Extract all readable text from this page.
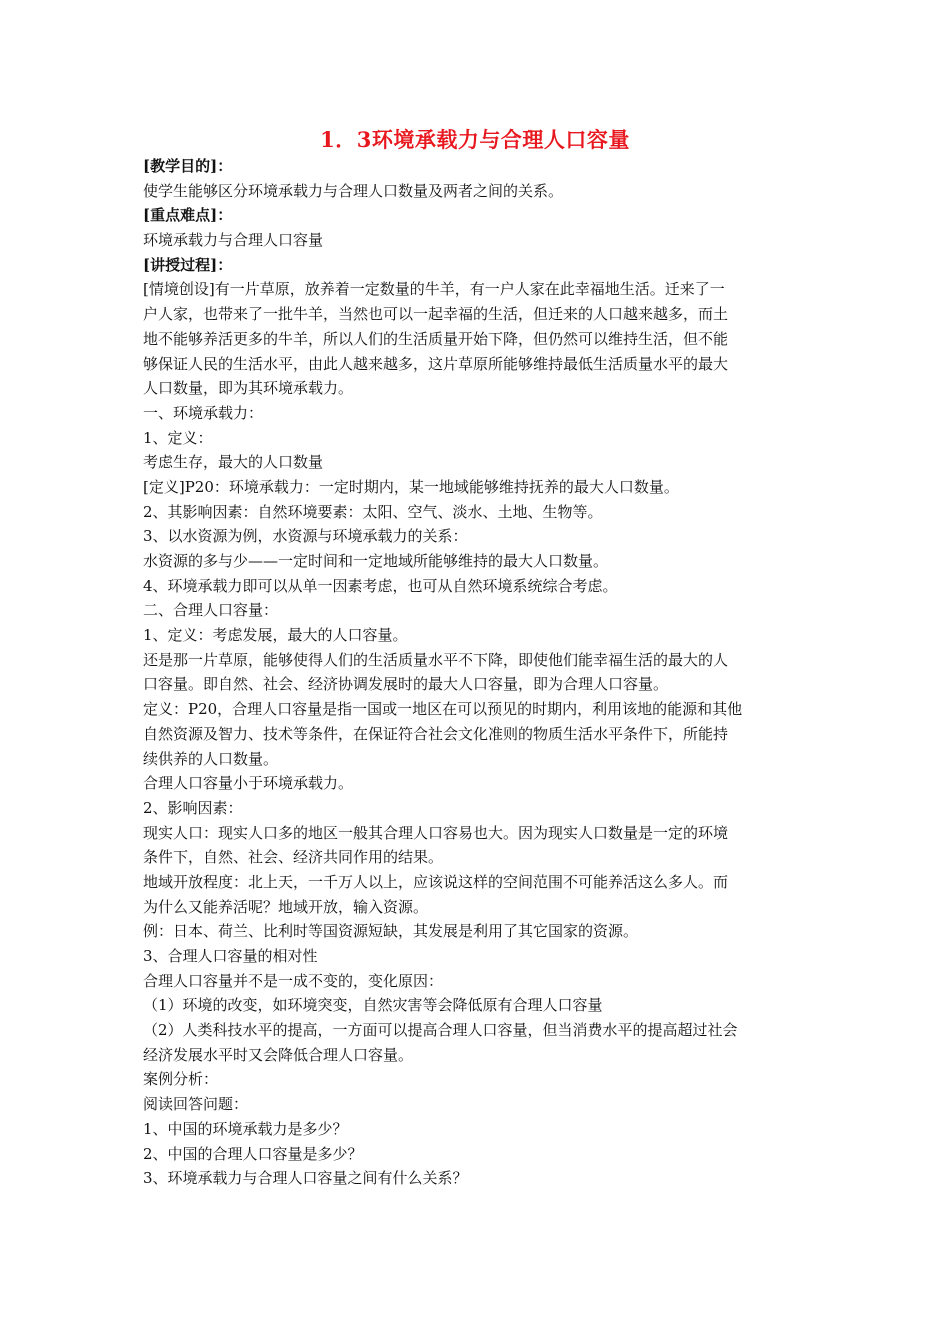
1．3环境承载力与合理人口容量
[教学目的]：
使学生能够区分环境承载力与合理人口数量及两者之间的关系。
[重点难点]：
环境承载力与合理人口容量
[讲授过程]：
[情境创设]有一片草原，放养着一定数量的牛羊，有一户人家在此幸福地生活。迁来了一
户人家，也带来了一批牛羊，当然也可以一起幸福的生活，但迁来的人口越来越多，而土
地不能够养活更多的牛羊，所以人们的生活质量开始下降，但仍然可以维持生活，但不能
够保证人民的生活水平，由此人越来越多，这片草原所能够维持最低生活质量水平的最大
人口数量，即为其环境承载力。
一、环境承载力：
1、定义：
考虑生存，最大的人口数量
[定义]P20：环境承载力：一定时期内，某一地域能够维持抚养的最大人口数量。
2、其影响因素：自然环境要素：太阳、空气、淡水、土地、生物等。
3、以水资源为例，水资源与环境承载力的关系：
水资源的多与少——一定时间和一定地域所能够维持的最大人口数量。
4、环境承载力即可以从单一因素考虑，也可从自然环境系统综合考虑。
二、合理人口容量：
1、定义：考虑发展，最大的人口容量。
还是那一片草原，能够使得人们的生活质量水平不下降，即使他们能幸福生活的最大的人
口容量。即自然、社会、经济协调发展时的最大人口容量，即为合理人口容量。
定义：P20，合理人口容量是指一国或一地区在可以预见的时期内，利用该地的能源和其他
自然资源及智力、技术等条件，在保证符合社会文化准则的物质生活水平条件下，所能持
续供养的人口数量。
合理人口容量小于环境承载力。
2、影响因素：
现实人口：现实人口多的地区一般其合理人口容易也大。因为现实人口数量是一定的环境
条件下，自然、社会、经济共同作用的结果。
地域开放程度：北上天，一千万人以上，应该说这样的空间范围不可能养活这么多人。而
为什么又能养活呢？地域开放，输入资源。
例：日本、荷兰、比利时等国资源短缺，其发展是利用了其它国家的资源。
3、合理人口容量的相对性
合理人口容量并不是一成不变的，变化原因：
（1）环境的改变，如环境突变，自然灾害等会降低原有合理人口容量
（2）人类科技水平的提高，一方面可以提高合理人口容量，但当消费水平的提高超过社会
经济发展水平时又会降低合理人口容量。
案例分析：
阅读回答问题：
1、中国的环境承载力是多少？
2、中国的合理人口容量是多少？
3、环境承载力与合理人口容量之间有什么关系？
